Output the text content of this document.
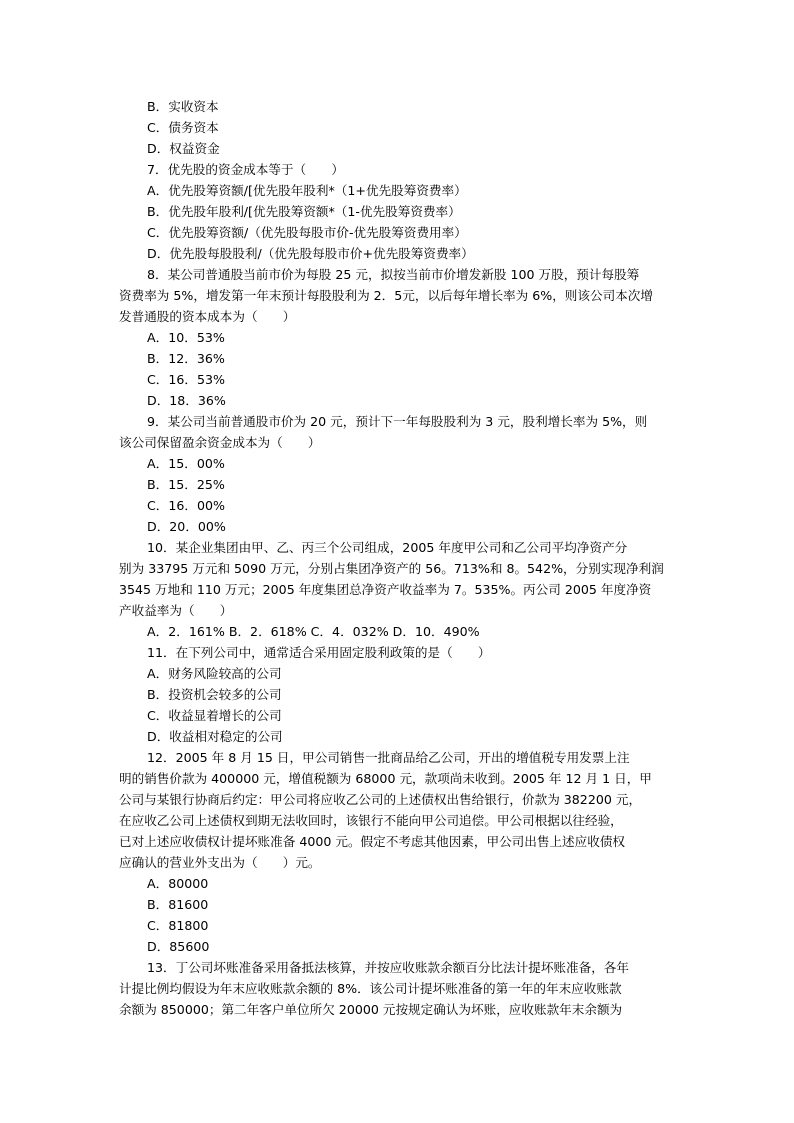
B．实收资本
C．债务资本
D．权益资金
7．优先股的资金成本等于（　　）
A．优先股筹资额/[优先股年股利*（1+优先股筹资费率）
B．优先股年股利/[优先股筹资额*（1-优先股筹资费率）
C．优先股筹资额/（优先股每股市价-优先股筹资费用率）
D．优先股每股股利/（优先股每股市价+优先股筹资费率）
8．某公司普通股当前市价为每股 25 元，拟按当前市价增发新股 100 万股，预计每股筹
资费率为 5%，增发第一年末预计每股股利为 2．5元，以后每年增长率为 6%，则该公司本次增
发普通股的资本成本为（　　）
A．10．53%
B．12．36%
C．16．53%
D．18．36%
9．某公司当前普通股市价为 20 元，预计下一年每股股利为 3 元，股利增长率为 5%，则
该公司保留盈余资金成本为（　　）
A．15．00%
B．15．25%
C．16．00%
D．20．00%
10．某企业集团由甲、乙、丙三个公司组成，2005 年度甲公司和乙公司平均净资产分
别为 33795 万元和 5090 万元，分别占集团净资产的 56。713%和 8。542%，分别实现净利润
3545 万地和 110 万元；2005 年度集团总净资产收益率为 7。535%。丙公司 2005 年度净资
产收益率为（　　）
A．2．161% B．2．618% C．4．032% D．10．490%
11．在下列公司中，通常适合采用固定股利政策的是（　　）
A．财务风险较高的公司
B．投资机会较多的公司
C．收益显着增长的公司
D．收益相对稳定的公司
12．2005 年 8 月 15 日，甲公司销售一批商品给乙公司，开出的增值税专用发票上注
明的销售价款为 400000 元，增值税额为 68000 元，款项尚未收到。2005 年 12 月 1 日，甲
公司与某银行协商后约定：甲公司将应收乙公司的上述债权出售给银行，价款为 382200 元，
在应收乙公司上述债权到期无法收回时，该银行不能向甲公司追偿。甲公司根据以往经验，
已对上述应收债权计提坏账准备 4000 元。假定不考虑其他因素，甲公司出售上述应收债权
应确认的营业外支出为（　　）元。
A．80000
B．81600
C．81800
D．85600
13．丁公司坏账准备采用备抵法核算，并按应收账款余额百分比法计提坏账准备，各年
计提比例均假设为年末应收账款余额的 8%．该公司计提坏账准备的第一年的年末应收账款
余额为 850000；第二年客户单位所欠 20000 元按规定确认为坏账，应收账款年末余额为
